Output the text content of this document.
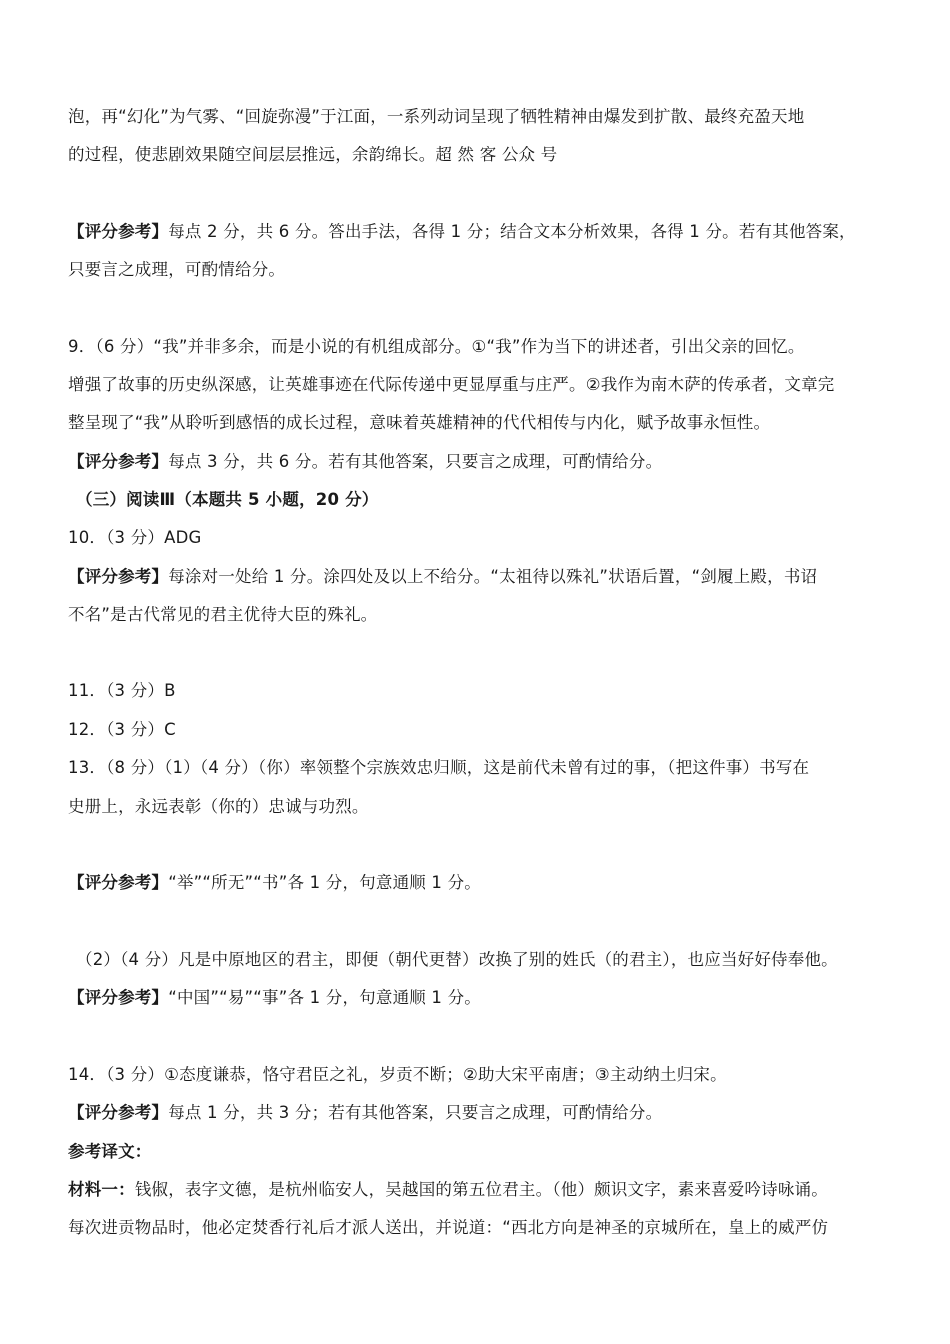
泡，再“幻化”为气雾、“回旋弥漫”于江面，一系列动词呈现了牺牲精神由爆发到扩散、最终充盈天地
的过程，使悲剧效果随空间层层推远，余韵绵长。超 然 客 公众 号
【评分参考】每点 2 分，共 6 分。答出手法，各得 1 分；结合文本分析效果，各得 1 分。若有其他答案，
只要言之成理，可酌情给分。
9．（6 分）“我”并非多余，而是小说的有机组成部分。①“我”作为当下的讲述者，引出父亲的回忆。
增强了故事的历史纵深感，让英雄事迹在代际传递中更显厚重与庄严。②我作为南木萨的传承者，文章完
整呈现了“我”从聆听到感悟的成长过程，意味着英雄精神的代代相传与内化，赋予故事永恒性。
【评分参考】每点 3 分，共 6 分。若有其他答案，只要言之成理，可酌情给分。
（三）阅读Ⅲ（本题共 5 小题，20 分）
10．（3 分）ADG
【评分参考】每涂对一处给 1 分。涂四处及以上不给分。“太祖待以殊礼”状语后置，“剑履上殿，书诏
不名”是古代常见的君主优待大臣的殊礼。
11．（3 分）B
12．（3 分）C
13．（8 分）（1）（4 分）（你）率领整个宗族效忠归顺，这是前代未曾有过的事，（把这件事）书写在
史册上，永远表彰（你的）忠诚与功烈。
【评分参考】“举”“所无”“书”各 1 分，句意通顺 1 分。
（2）（4 分）凡是中原地区的君主，即便（朝代更替）改换了别的姓氏（的君主），也应当好好侍奉他。
【评分参考】“中国”“易”“事”各 1 分，句意通顺 1 分。
14．（3 分）①态度谦恭，恪守君臣之礼，岁贡不断；②助大宋平南唐；③主动纳土归宋。
【评分参考】每点 1 分，共 3 分；若有其他答案，只要言之成理，可酌情给分。
参考译文：
材料一：钱俶，表字文德，是杭州临安人，吴越国的第五位君主。（他）颇识文字，素来喜爱吟诗咏诵。
每次进贡物品时，他必定焚香行礼后才派人送出，并说道：“西北方向是神圣的京城所在，皇上的威严仿
